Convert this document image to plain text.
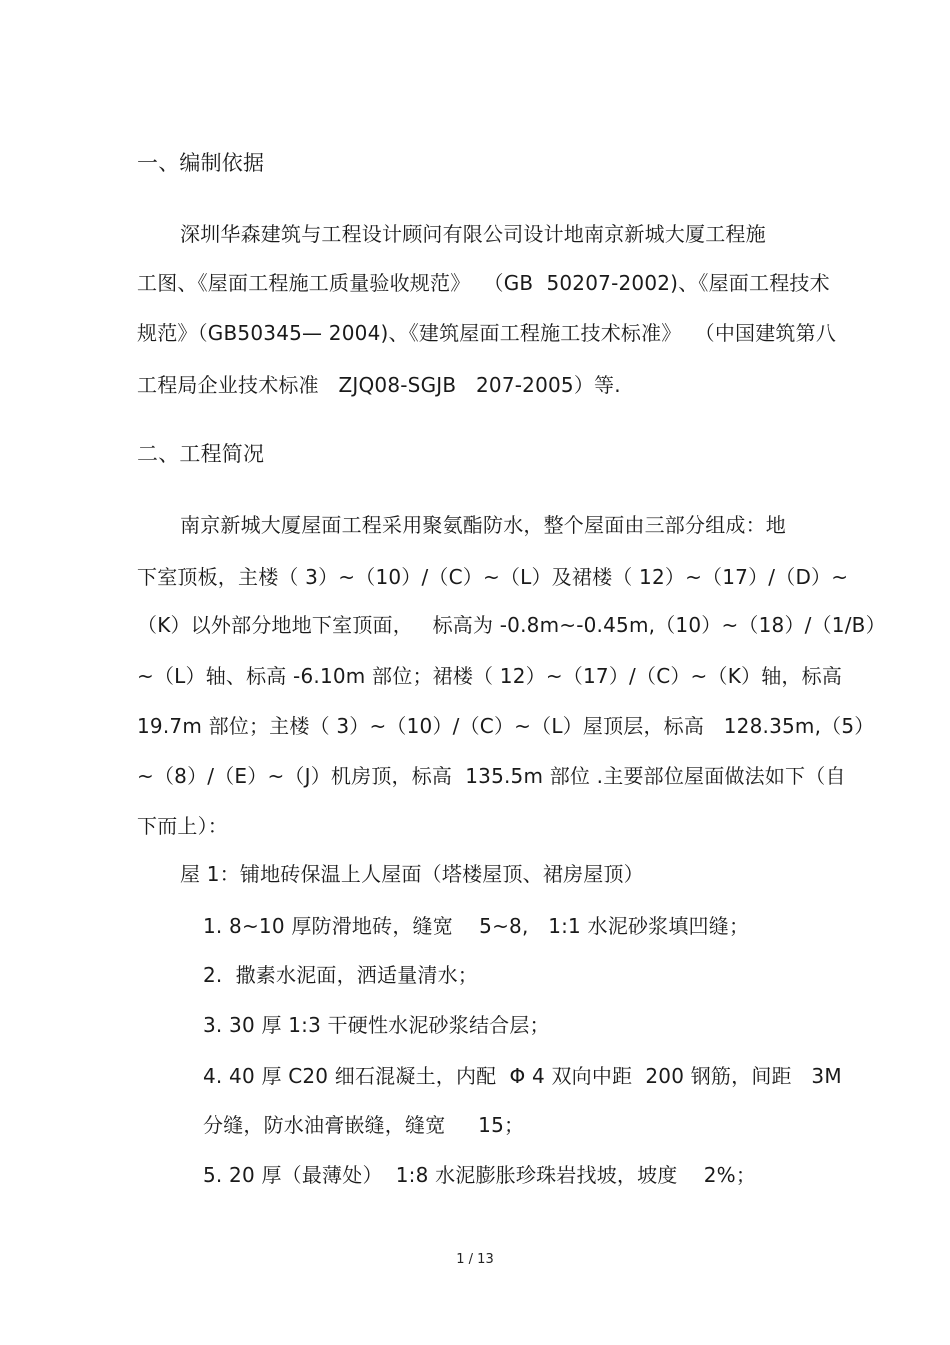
一、编制依据
深圳华森建筑与工程设计顾问有限公司设计地南京新城大厦工程施
工图、《屋面工程施工质量验收规范》  （GB  50207-2002)、《屋面工程技术
规范》（GB50345— 2004)、《建筑屋面工程施工技术标准》  （中国建筑第八
工程局企业技术标准   ZJQ08-SGJB   207-2005）等.
二、工程简况
南京新城大厦屋面工程采用聚氨酯防水，整个屋面由三部分组成：地
下室顶板，主楼（ 3）~（10）/（C）~（L）及裙楼（ 12）~（17）/（D）~
（K）以外部分地地下室顶面，   标高为 -0.8m~-0.45m,（10）~（18）/（1/B）
~（L）轴、标高 -6.10m 部位；裙楼（ 12）~（17）/（C）~（K）轴，标高
19.7m 部位；主楼（ 3）~（10）/（C）~（L）屋顶层，标高   128.35m,（5）
~（8）/（E）~（J）机房顶，标高  135.5m 部位 .主要部位屋面做法如下（自
下而上）：
屋 1：铺地砖保温上人屋面（塔楼屋顶、裙房屋顶）
1. 8~10 厚防滑地砖，缝宽    5~8,   1:1 水泥砂浆填凹缝；
2.  撒素水泥面，洒适量清水；
3. 30 厚 1:3 干硬性水泥砂浆结合层；
4. 40 厚 C20 细石混凝土，内配  Φ 4 双向中距  200 钢筋，间距   3M
分缝，防水油膏嵌缝，缝宽     15；
5. 20 厚（最薄处）  1:8 水泥膨胀珍珠岩找坡，坡度    2%；
1 / 13
